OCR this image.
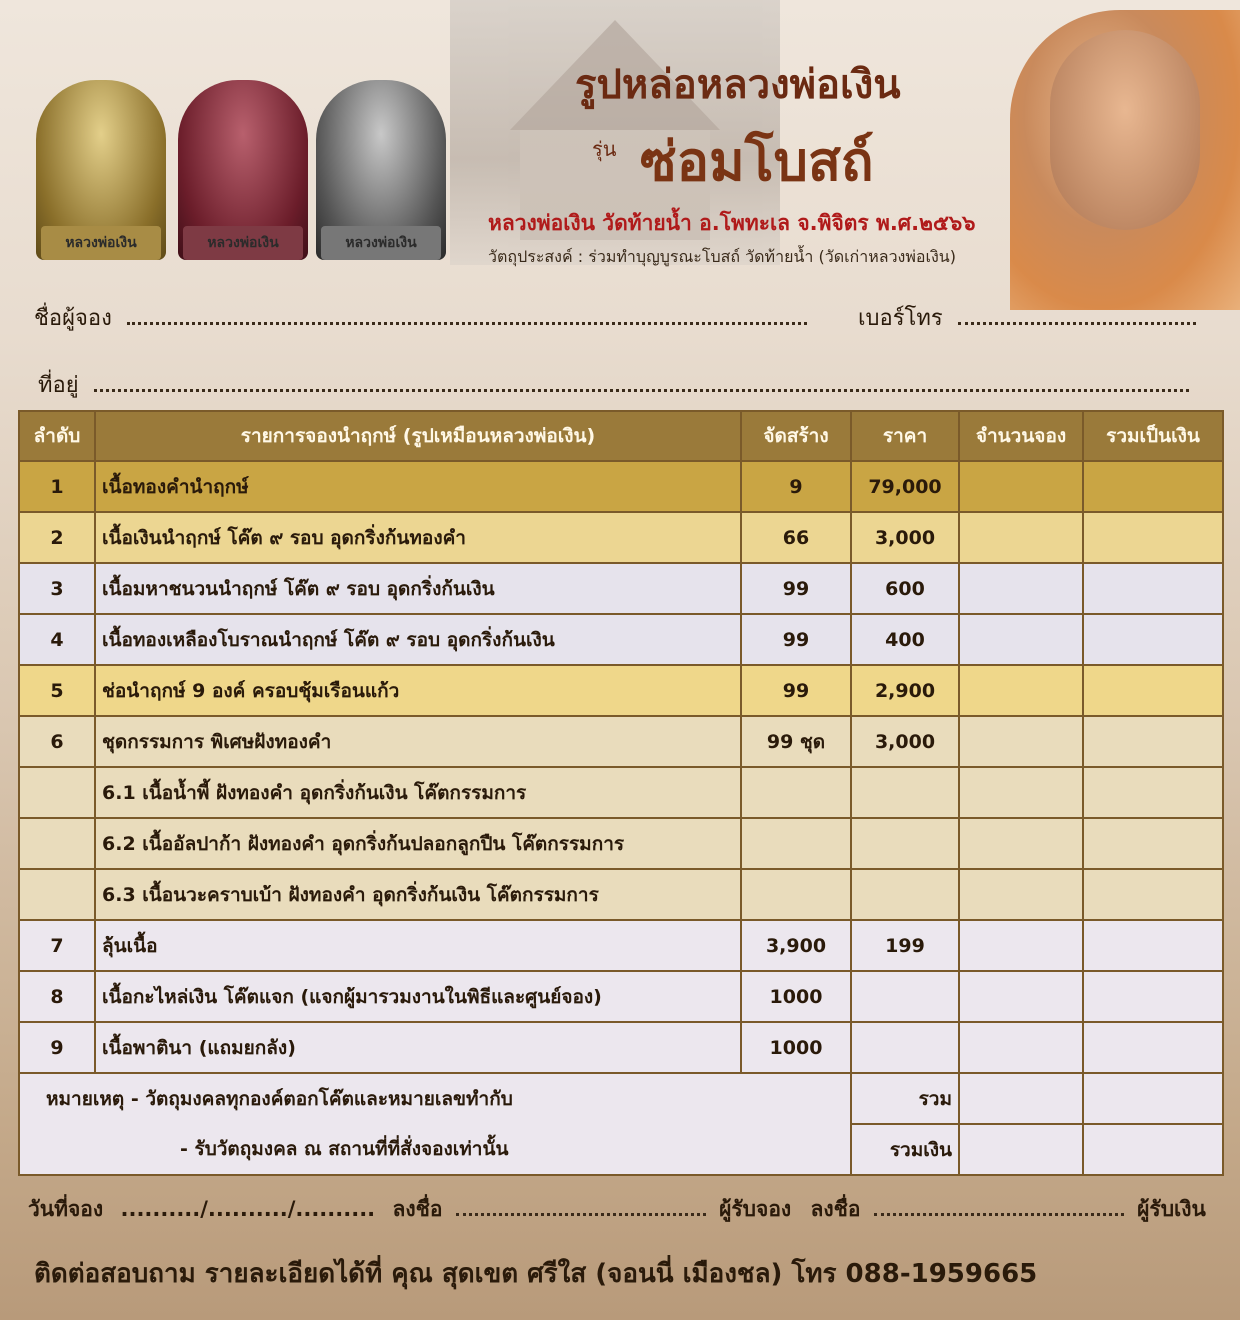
หลวงพ่อเงิน	หลวงพ่อเงิน	หลวงพ่อเงิน
รูปหล่อหลวงพ่อเงิน
รุ่น ซ่อมโบสถ์
หลวงพ่อเงิน วัดท้ายน้ำ อ.โพทะเล จ.พิจิตร พ.ศ.๒๕๖๖
วัตถุประสงค์ : ร่วมทำบุญบูรณะโบสถ์ วัดท้ายน้ำ (วัดเก่าหลวงพ่อเงิน)
ชื่อผู้จอง	เบอร์โทร
ที่อยู่
ลำดับ	รายการจองนำฤกษ์ (รูปเหมือนหลวงพ่อเงิน)	จัดสร้าง	ราคา	จำนวนจอง	รวมเป็นเงิน
1	เนื้อทองคำนำฤกษ์	9	79,000		
2	เนื้อเงินนำฤกษ์ โค๊ต ๙ รอบ อุดกริ่งก้นทองคำ	66	3,000		
3	เนื้อมหาชนวนนำฤกษ์ โค๊ต ๙ รอบ อุดกริ่งก้นเงิน	99	600		
4	เนื้อทองเหลืองโบราณนำฤกษ์ โค๊ต ๙ รอบ อุดกริ่งก้นเงิน	99	400		
5	ช่อนำฤกษ์ 9 องค์ ครอบชุ้มเรือนแก้ว	99	2,900		
6	ชุดกรรมการ พิเศษฝังทองคำ	99 ชุด	3,000		
	6.1 เนื้อน้ำพี้ ฝังทองคำ อุดกริ่งก้นเงิน โค๊ตกรรมการ				
	6.2 เนื้ออัลปาก้า ฝังทองคำ อุดกริ่งก้นปลอกลูกปืน โค๊ตกรรมการ				
	6.3 เนื้อนวะคราบเบ้า ฝังทองคำ อุดกริ่งก้นเงิน โค๊ตกรรมการ				
7	ลุ้นเนื้อ	3,900	199		
8	เนื้อกะไหล่เงิน โค๊ตแจก (แจกผู้มารวมงานในพิธีและศูนย์จอง)	1000			
9	เนื้อพาตินา (แถมยกลัง)	1000			
หมายเหตุ - วัตถุมงคลทุกองค์ตอกโค๊ตและหมายเลขทำกับ			รวม		
- รับวัตถุมงคล ณ สถานที่ที่สั่งจองเท่านั้น			รวมเงิน		
วันที่จอง ........../........../.......... ลงชื่อ	ผู้รับจอง ลงชื่อ	ผู้รับเงิน
ติดต่อสอบถาม รายละเอียดได้ที่ คุณ สุดเขต ศรีใส (จอนนี่ เมืองชล) โทร 088-1959665
